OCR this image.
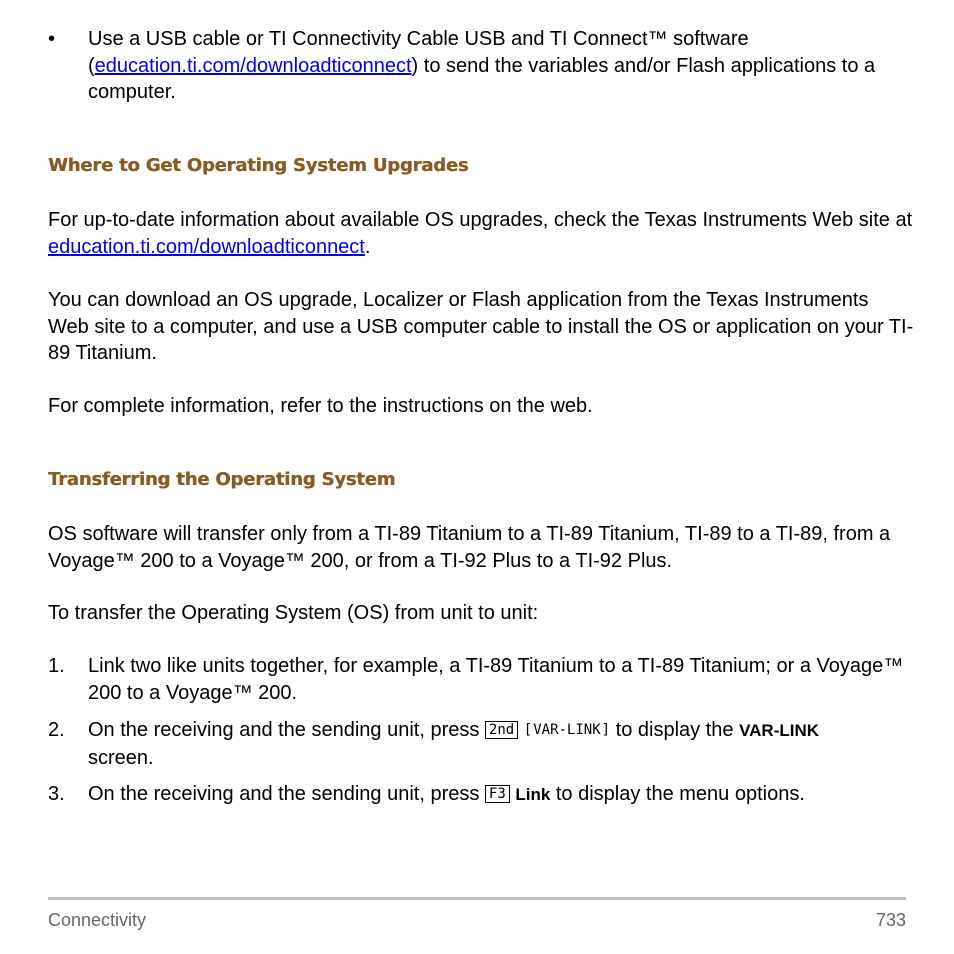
• Use a USB cable or TI Connectivity Cable USB and TI Connect™ software (education.ti.com/downloadticonnect) to send the variables and/or Flash applications to a computer.
Where to Get Operating System Upgrades

For up-to-date information about available OS upgrades, check the Texas Instruments Web site at education.ti.com/downloadticonnect.

You can download an OS upgrade, Localizer or Flash application from the Texas Instruments Web site to a computer, and use a USB computer cable to install the OS or application on your TI-89 Titanium.

For complete information, refer to the instructions on the web.

Transferring the Operating System

OS software will transfer only from a TI-89 Titanium to a TI-89 Titanium, TI-89 to a TI-89, from a Voyage™ 200 to a Voyage™ 200, or from a TI-92 Plus to a TI-92 Plus.

To transfer the Operating System (OS) from unit to unit:

1. Link two like units together, for example, a TI-89 Titanium to a TI-89 Titanium; or a Voyage™ 200 to a Voyage™ 200.
2. On the receiving and the sending unit, press 2nd [ VAR-LINK ] to display the VAR-LINK
screen.
3. On the receiving and the sending unit, press F3 Link to display the menu options.
Connectivity	733
